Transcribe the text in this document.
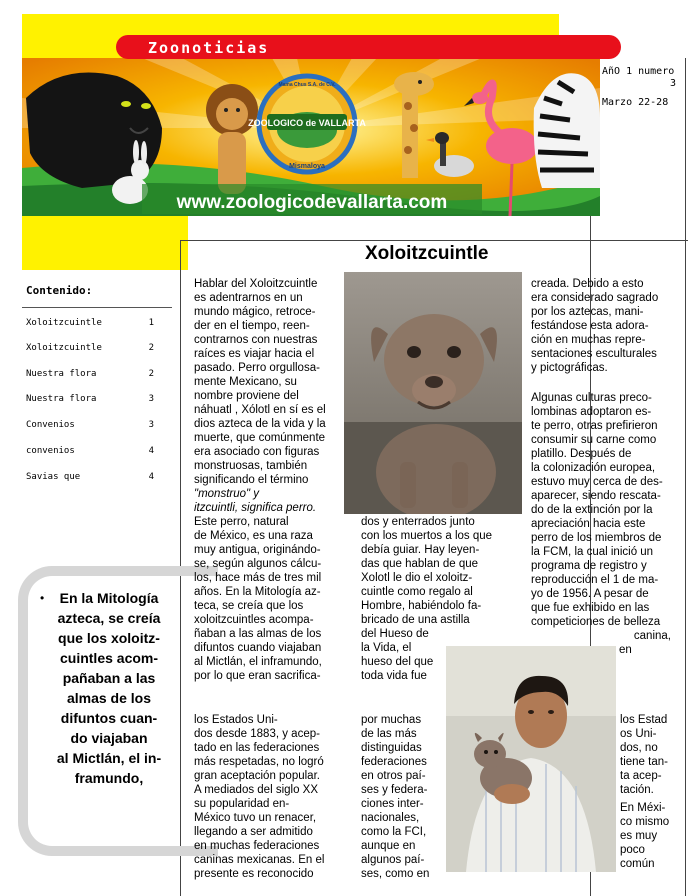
Zoonoticias
ZOOLOGICO de VALLARTA
Mama Chus S.A. de C.V.
Mismaloya
www.zoologicodevallarta.com
AñO 1 numero
3
Marzo 22-28
Contenido:
Xoloitzcuintle	1
Xoloitzcuintle	2
Nuestra flora	2
Nuestra flora	3
Convenios	3
convenios	4
Savias que	4
•	En la Mitología
azteca, se creía
que los xoloitz-
cuintles acom-
pañaban a las
almas de los
difuntos cuan-
do viajaban
al Mictlán, el in-
framundo,
Xoloitzcuintle

Hablar del Xoloitzcuintle

es adentrarnos en un

mundo mágico, retroce-

der en el tiempo, reen-

contrarnos con nuestras

raíces es viajar hacia el

pasado. Perro orgullosa-

mente Mexicano, su

nombre proviene del

náhuatl , Xólotl en sí es el

dios azteca de la vida y la

muerte, que comúnmente

era asociado con figuras

monstruosas, también

significando el término

"monstruo" y

itzcuintli, significa perro.

Este perro, natural

de México, es una raza

muy antigua, originándo-

se, según algunos cálcu-

los, hace más de tres mil

años. En la Mitología az-

teca, se creía que los

xoloitzcuintles acompa-

ñaban a las almas de los

difuntos cuando viajaban

al Mictlán, el inframundo,

por lo que eran sacrifica-

dos y enterrados junto

con los muertos a los que

debía guiar. Hay leyen-

das que hablan de que

Xolotl le dio el xoloitz-

cuintle como regalo al

Hombre, habiéndolo fa-

bricado de una astilla

del Hueso de

la Vida, el

hueso del que

toda vida fue

creada. Debido a esto

era considerado sagrado

por los aztecas, mani-

festándose esta adora-

ción en muchas repre-

sentaciones esculturales

y pictográficas.

Algunas culturas preco-

lombinas adoptaron es-

te perro, otras prefirieron

consumir su carne como

platillo. Después de

la colonización europea,

estuvo muy cerca de des-

aparecer, siendo rescata-

do de la extinción por la

apreciación hacia este

perro de los miembros de

la FCM, la cual inició un

programa de registro y

reproducción el 1 de ma-

yo de 1956. A pesar de

que fue exhibido en las

competiciones de belleza

canina,

en

los Estados Uni-

dos desde 1883, y acep-

tado en las federaciones

más respetadas, no logró

gran aceptación popular.

A mediados del siglo XX

su popularidad en-

México tuvo un renacer,

llegando a ser admitido

en muchas federaciones

caninas mexicanas. En el

presente es reconocido

por muchas

de las más

distinguidas

federaciones

en otros paí-

ses y federa-

ciones inter-

nacionales,

como la FCI,

aunque en

algunos paí-

ses, como en

los Estad

os Uni-

dos, no

tiene tan-

ta acep-

tación.

En Méxi-

co mismo

es muy

poco

común
